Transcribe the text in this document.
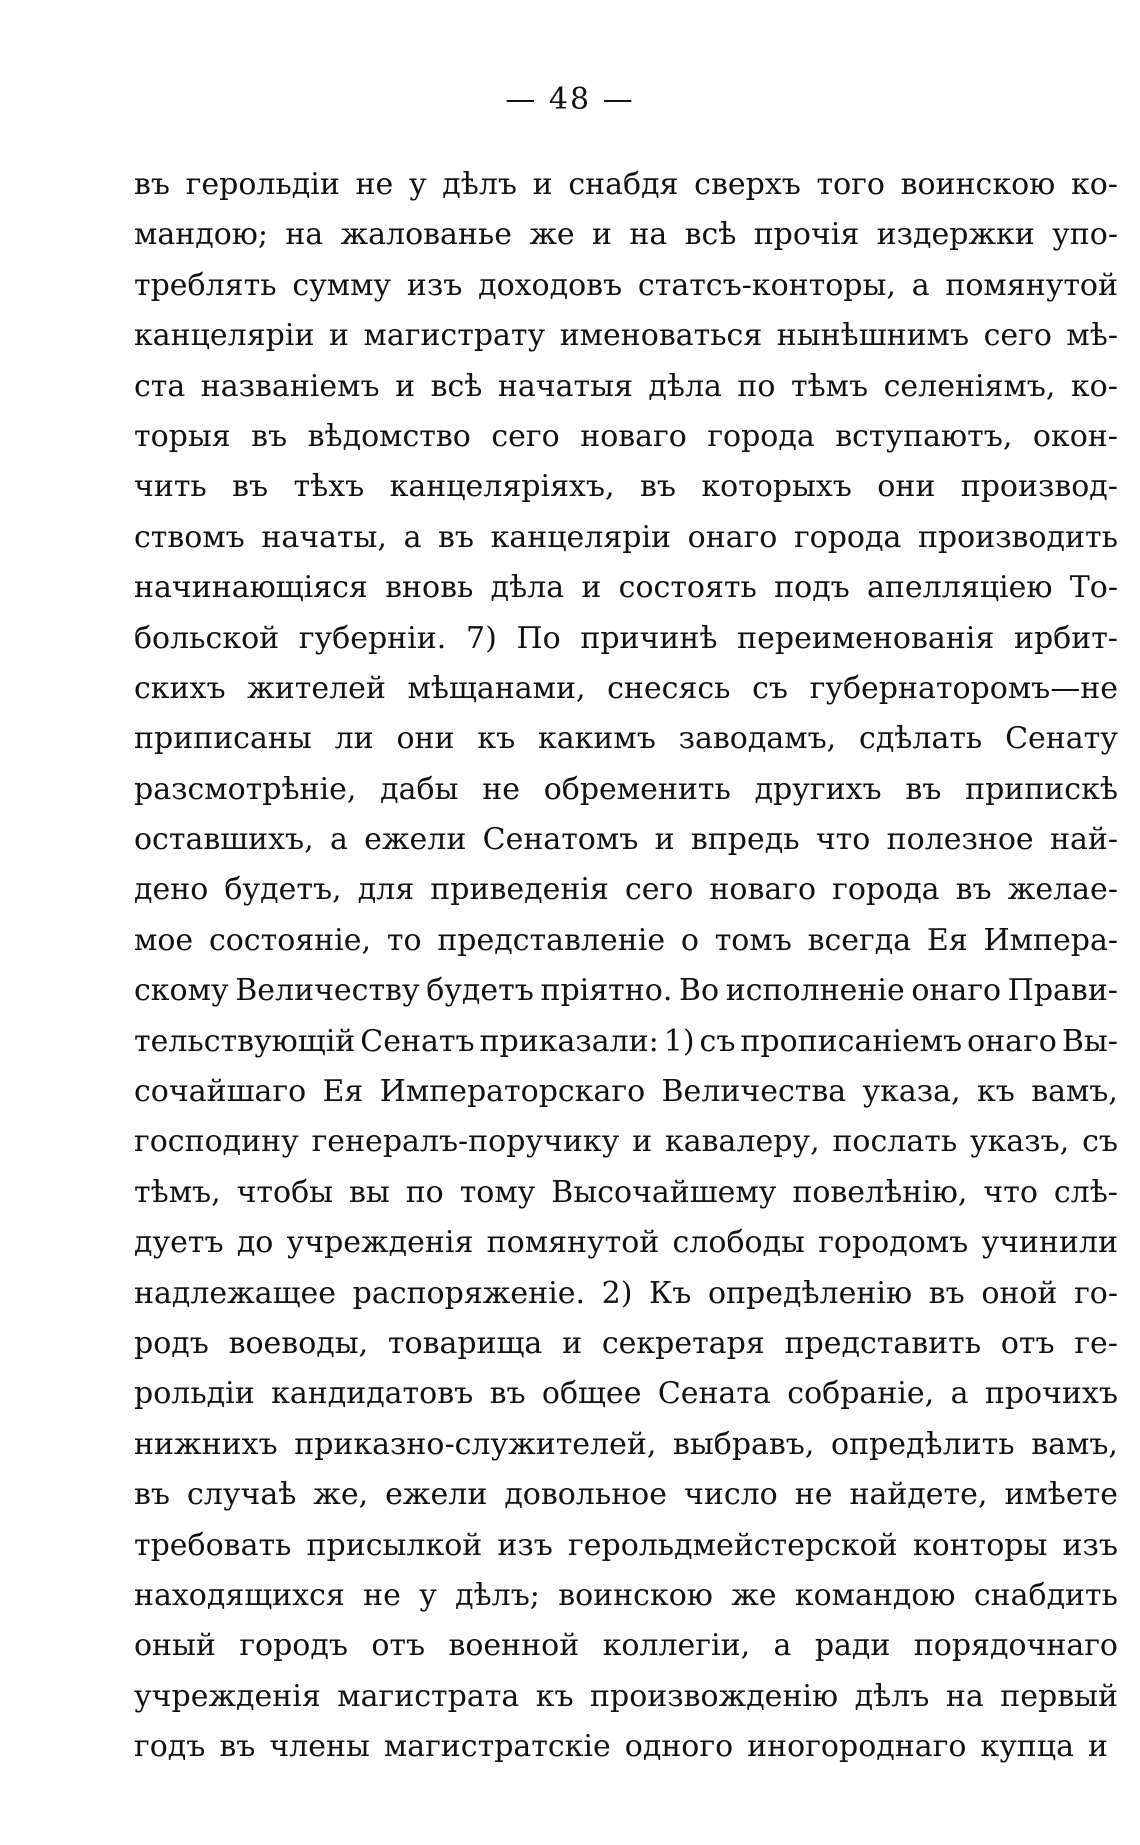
— 48 —
въ герольдіи не у дѣлъ и снабдя сверхъ того воинскою ко-
мандою; на жалованье же и на всѣ прочія издержки упо-
треблять сумму изъ доходовъ статсъ-конторы, а помянутой
канцеляріи и магистрату именоваться нынѣшнимъ сего мѣ-
ста названіемъ и всѣ начатыя дѣла по тѣмъ селеніямъ, ко-
торыя въ вѣдомство сего новаго города вступаютъ, окон-
чить въ тѣхъ канцеляріяхъ, въ которыхъ они производ-
ствомъ начаты, а въ канцеляріи онаго города производить
начинающіяся вновь дѣла и состоять подъ апелляціею То-
больской губерніи. 7) По причинѣ переименованія ирбит-
скихъ жителей мѣщанами, снесясь съ губернаторомъ—не
приписаны ли они къ какимъ заводамъ, сдѣлать Сенату
разсмотрѣніе, дабы не обременить другихъ въ припискѣ
оставшихъ, а ежели Сенатомъ и впредь что полезное най-
дено будетъ, для приведенія сего новаго города въ желае-
мое состояніе, то представленіе о томъ всегда Ея Импера-
скому Величеству будетъ пріятно. Во исполненіе онаго Прави-
тельствующій Сенатъ приказали: 1) съ прописаніемъ онаго Вы-
сочайшаго Ея Императорскаго Величества указа, къ вамъ,
господину генералъ-поручику и кавалеру, послать указъ, съ
тѣмъ, чтобы вы по тому Высочайшему повелѣнію, что слѣ-
дуетъ до учрежденія помянутой слободы городомъ учинили
надлежащее распоряженіе. 2) Къ опредѣленію въ оной го-
родъ воеводы, товарища и секретаря представить отъ ге-
рольдіи кандидатовъ въ общее Сената собраніе, а прочихъ
нижнихъ приказно-служителей, выбравъ, опредѣлить вамъ,
въ случаѣ же, ежели довольное число не найдете, имѣете
требовать присылкой изъ герольдмейстерской конторы изъ
находящихся не у дѣлъ; воинскою же командою снабдить
оный городъ отъ военной коллегіи, а ради порядочнаго
учрежденія магистрата къ произвожденію дѣлъ на первый
годъ въ члены магистратскіе одного иногороднаго купца и
